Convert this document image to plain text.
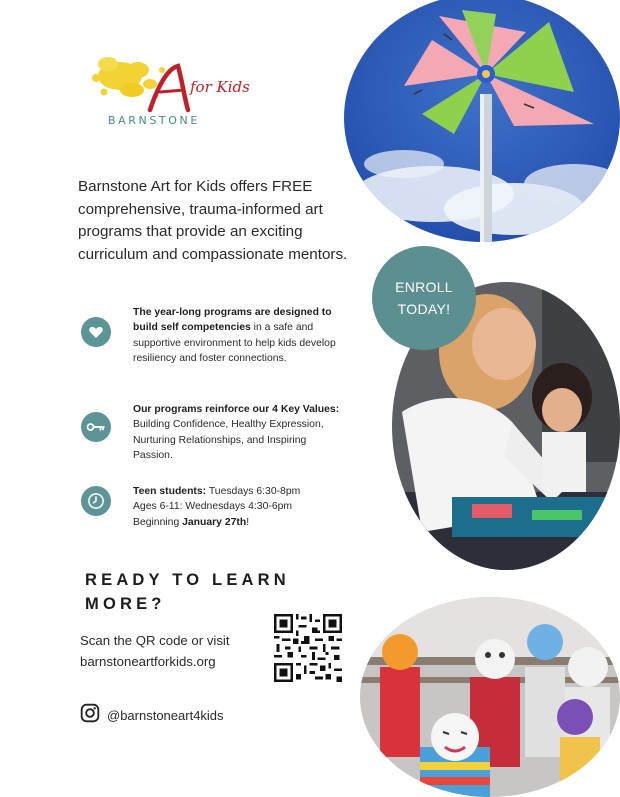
for Kids
BARNSTONE
Barnstone Art for Kids offers FREE comprehensive, trauma-informed art programs that provide an exciting curriculum and compassionate mentors.
The year-long programs are designed to build self competencies in a safe and supportive environment to help kids develop resiliency and foster connections.
Our programs reinforce our 4 Key Values: Building Confidence, Healthy Expression, Nurturing Relationships, and Inspiring Passion.
Teen students: Tuesdays 6:30-8pm
Ages 6-11: Wednesdays 4:30-6pm
Beginning January 27th!
READY TO LEARN
MORE?
Scan the QR code or visit
barnstoneartforkids.org
@barnstoneart4kids
ENROLL
TODAY!
